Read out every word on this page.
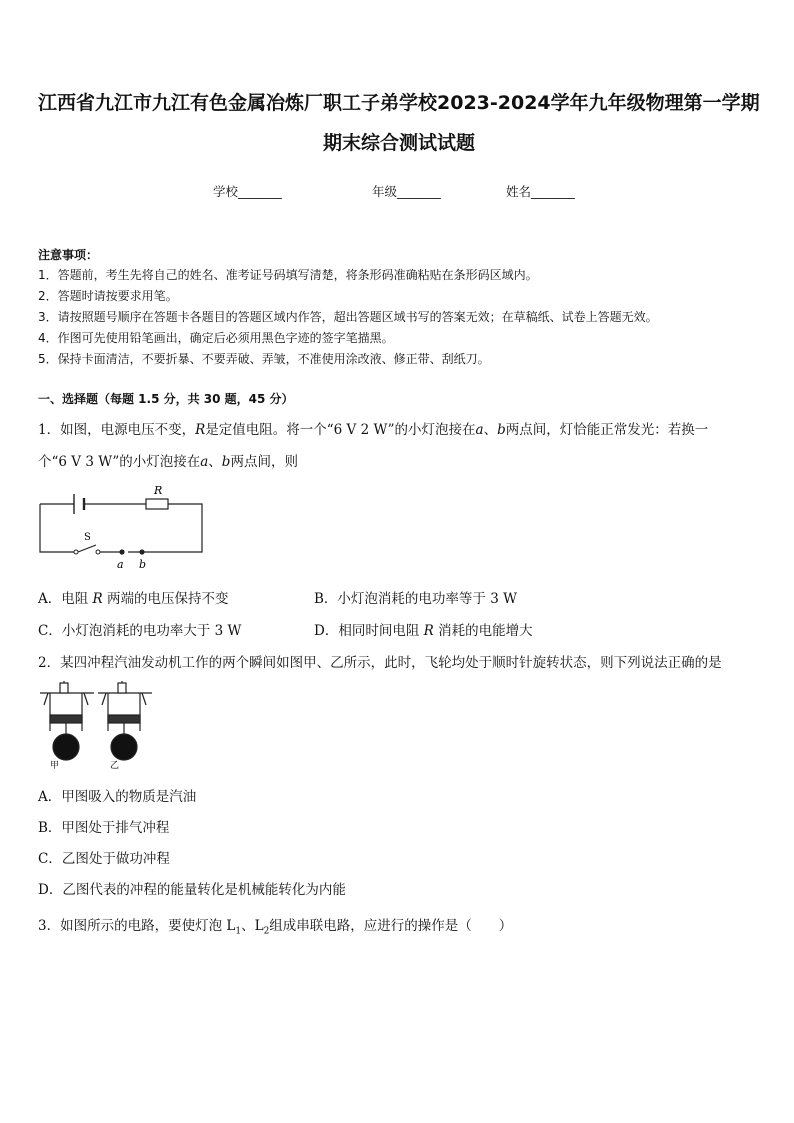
江西省九江市九江有色金属冶炼厂职工子弟学校2023-2024学年九年级物理第一学期
期末综合测试试题
学校_______	年级_______	姓名_______
注意事项：
1．答题前，考生先将自己的姓名、准考证号码填写清楚，将条形码准确粘贴在条形码区域内。
2．答题时请按要求用笔。
3．请按照题号顺序在答题卡各题目的答题区域内作答，超出答题区域书写的答案无效；在草稿纸、试卷上答题无效。
4．作图可先使用铅笔画出，确定后必须用黑色字迹的签字笔描黑。
5．保持卡面清洁，不要折暴、不要弄破、弄皱，不准使用涂改液、修正带、刮纸刀。
一、选择题（每题 1.5 分，共 30 题，45 分）
1．如图，电源电压不变，R是定值电阻。将一个“6 V 2 W”的小灯泡接在a、b两点间，灯恰能正常发光：若换一
个“6 V 3 W”的小灯泡接在a、b两点间，则
R
S
a b
A．电阻 R 两端的电压保持不变	B．小灯泡消耗的电功率等于 3 W
C．小灯泡消耗的电功率大于 3 W	D．相同时间电阻 R 消耗的电能增大
2．某四冲程汽油发动机工作的两个瞬间如图甲、乙所示，此时，飞轮均处于顺时针旋转状态，则下列说法正确的是
甲	乙
A．甲图吸入的物质是汽油
B．甲图处于排气冲程
C．乙图处于做功冲程
D．乙图代表的冲程的能量转化是机械能转化为内能
3．如图所示的电路，要使灯泡 $L_1$、$L_2$组成串联电路，应进行的操作是（　　）
